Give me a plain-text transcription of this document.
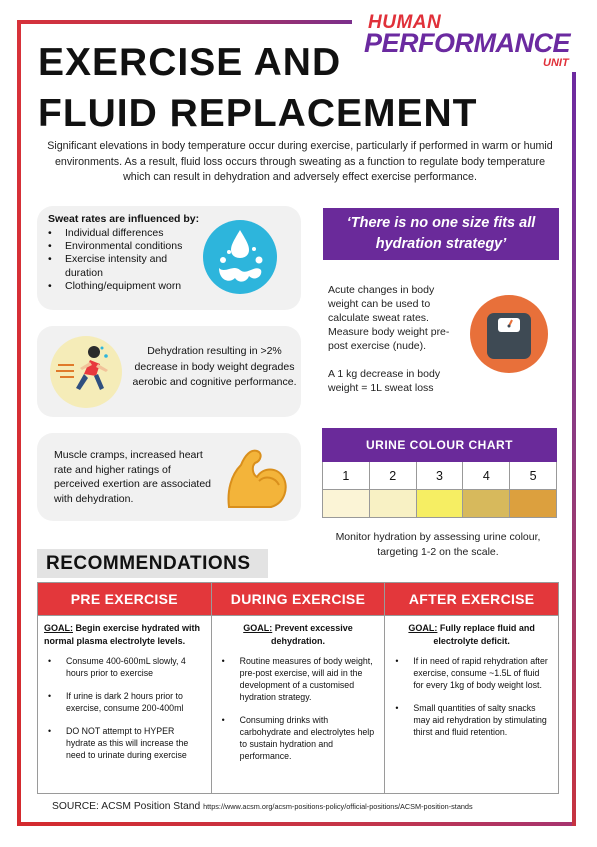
HUMAN
PERFORMANCE
UNIT
EXERCISE AND
FLUID REPLACEMENT

Significant elevations in body temperature occur during exercise, particularly if performed in warm or humid environments. As a result, fluid loss occurs through sweating as a function to regulate body temperature which can result in dehydration and adversely effect exercise performance.

Sweat rates are influenced by:
• Individual differences
• Environmental conditions
• Exercise intensity and duration
• Clothing/equipment worn
Dehydration resulting in >2% decrease in body weight degrades aerobic and cognitive performance.
Muscle cramps, increased heart rate and higher ratings of perceived exertion are associated with dehydration.
‘There is no one size fits all hydration strategy’

Acute changes in body weight can be used to calculate sweat rates. Measure body weight pre-post exercise (nude).

A 1 kg decrease in body weight = 1L sweat loss

URINE COLOUR CHART
1	2	3	4	5
Monitor hydration by assessing urine colour, targeting 1-2 on the scale.
RECOMMENDATIONS
PRE EXERCISE
GOAL: Begin exercise hydrated with normal plasma electrolyte levels.
• Consume 400-600mL slowly, 4 hours prior to exercise
• If urine is dark 2 hours prior to exercise, consume 200-400ml
• DO NOT attempt to HYPER hydrate as this will increase the need to urinate during exercise
DURING EXERCISE
GOAL: Prevent excessive dehydration.
• Routine measures of body weight, pre-post exercise, will aid in the development of a customised hydration strategy.
• Consuming drinks with carbohydrate and electrolytes help to sustain hydration and performance.
AFTER EXERCISE
GOAL: Fully replace fluid and electrolyte deficit.
• If in need of rapid rehydration after exercise, consume ~1.5L of fluid for every 1kg of body weight lost.
• Small quantities of salty snacks may aid rehydration by stimulating thirst and fluid retention.
SOURCE: ACSM Position Stand https://www.acsm.org/acsm-positions-policy/official-positions/ACSM-position-stands
